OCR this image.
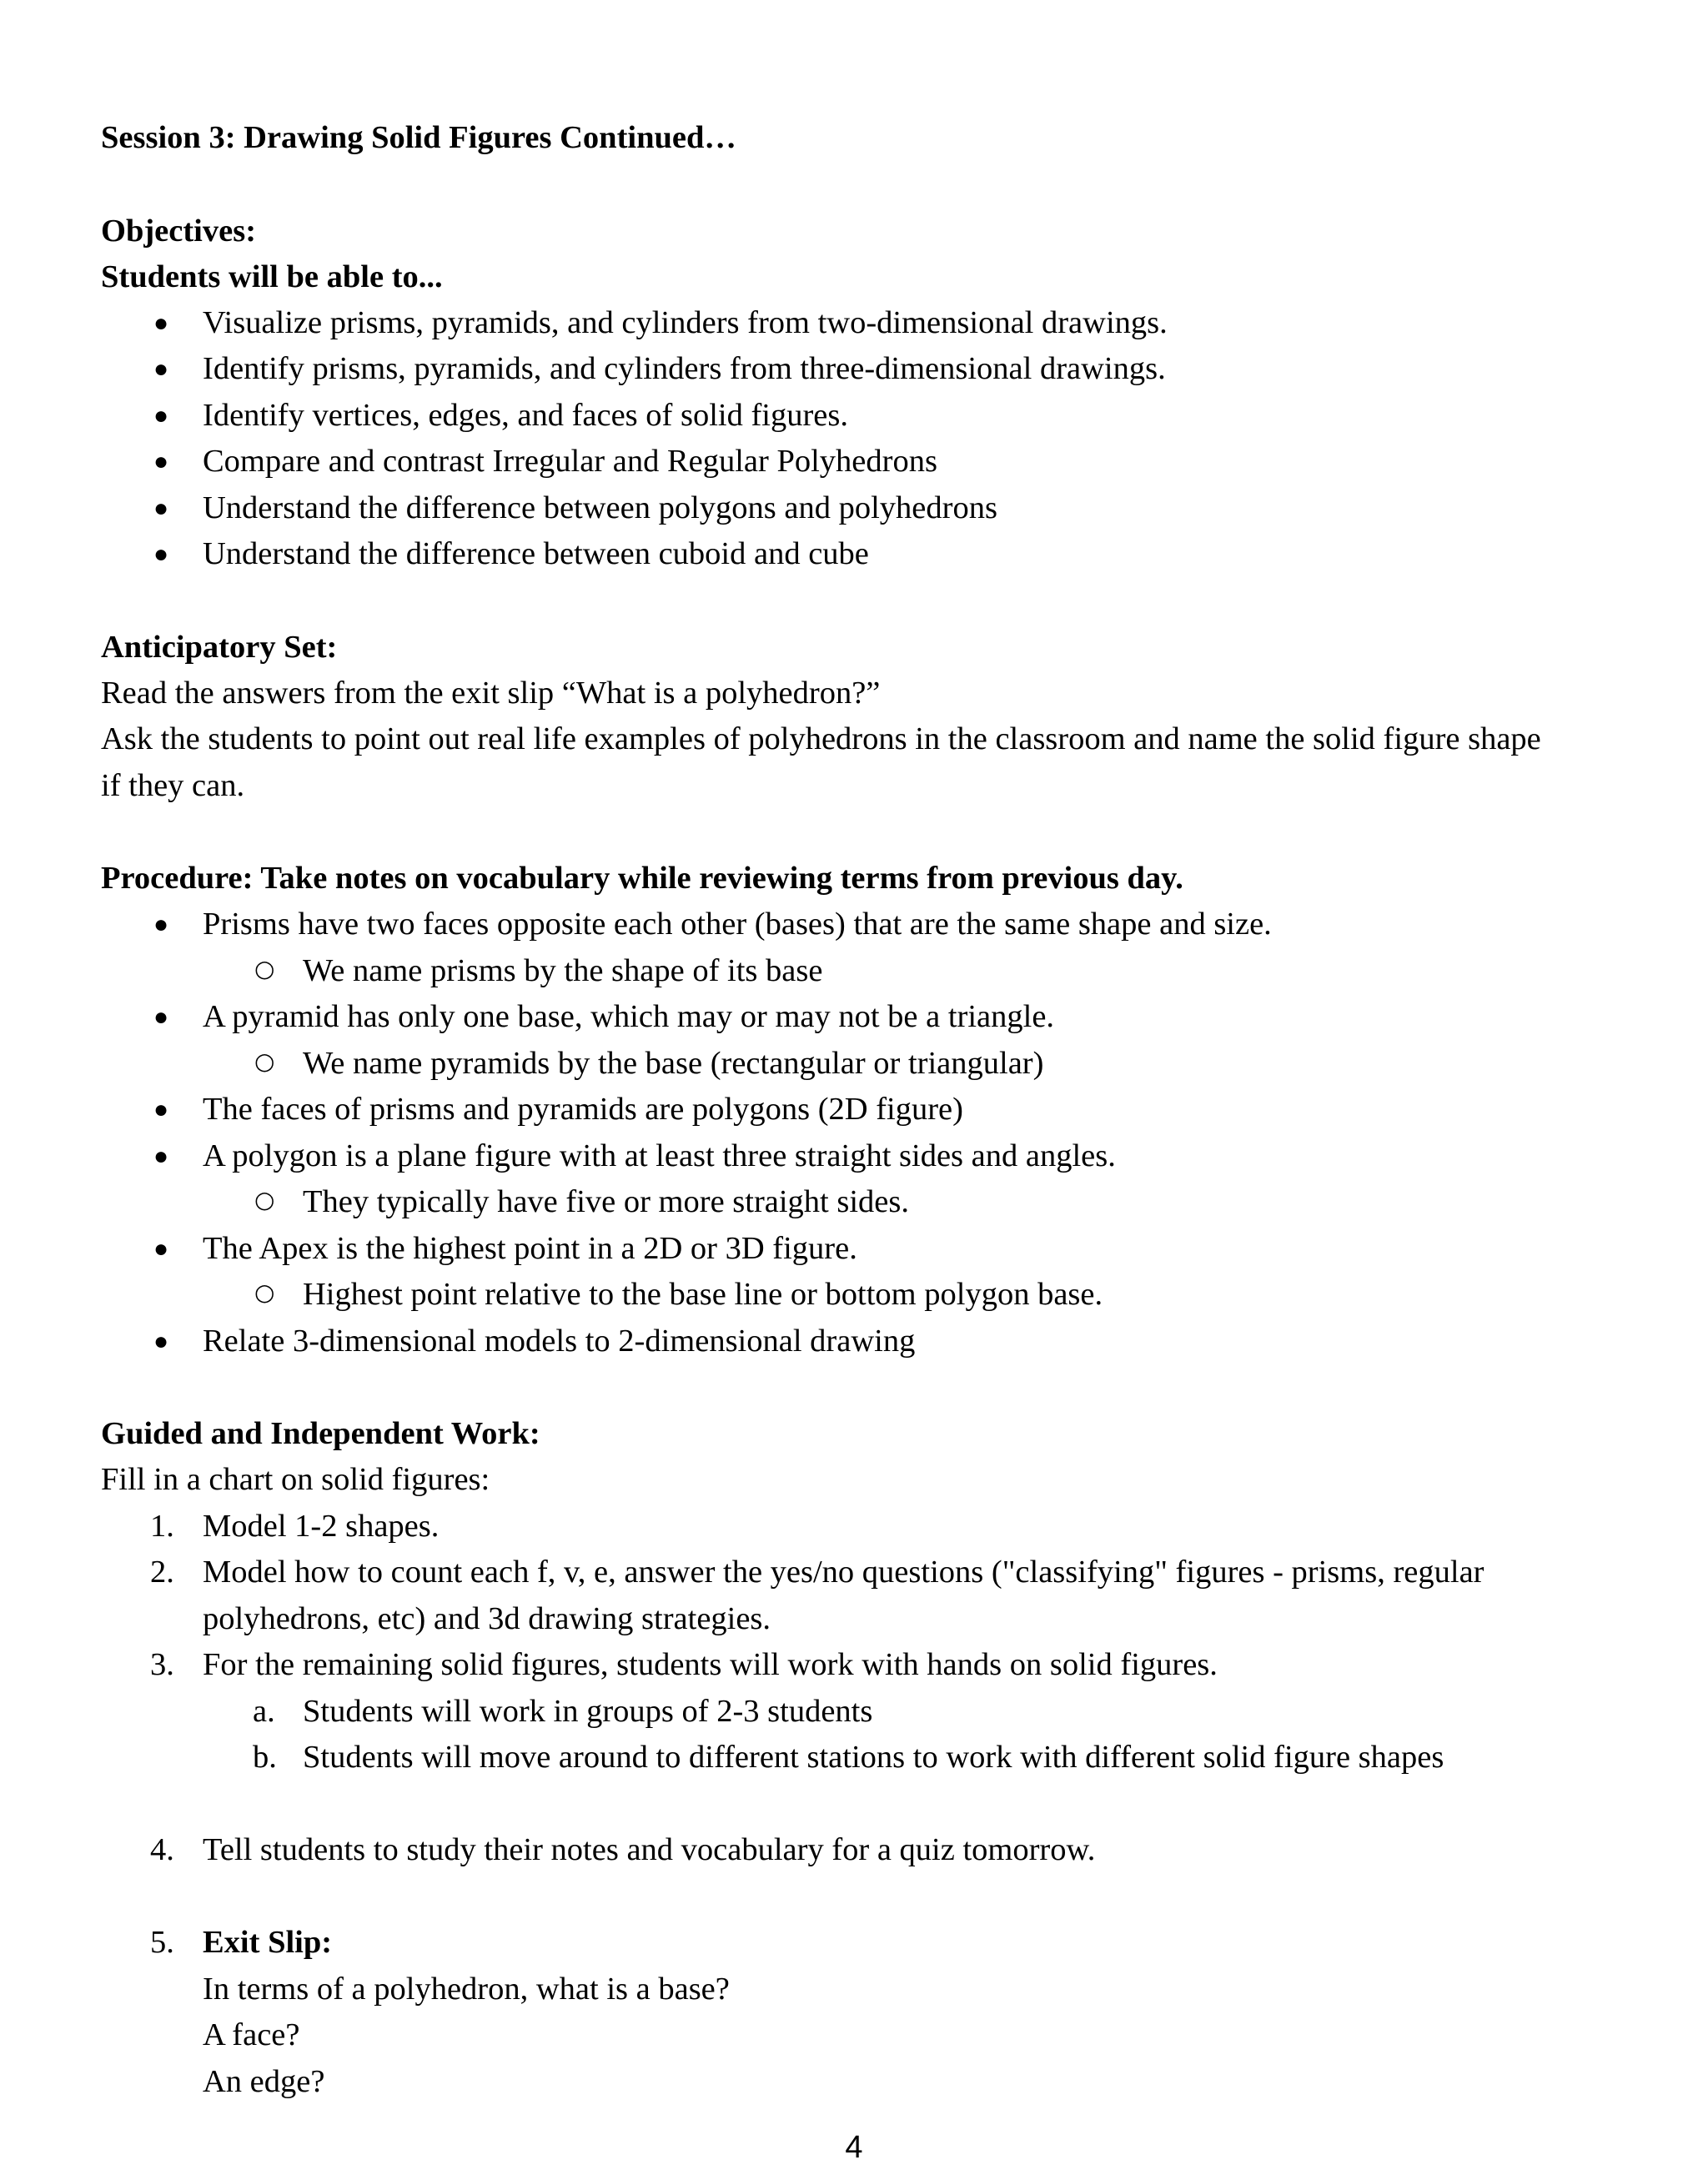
Session 3: Drawing Solid Figures Continued…
Objectives:
Students will be able to...
● Visualize prisms, pyramids, and cylinders from two-dimensional drawings.
● Identify prisms, pyramids, and cylinders from three-dimensional drawings.
● Identify vertices, edges, and faces of solid figures.
● Compare and contrast Irregular and Regular Polyhedrons
● Understand the difference between polygons and polyhedrons
● Understand the difference between cuboid and cube
Anticipatory Set:
Read the answers from the exit slip “What is a polyhedron?”
Ask the students to point out real life examples of polyhedrons in the classroom and name the solid figure shape
if they can.
Procedure: Take notes on vocabulary while reviewing terms from previous day.
● Prisms have two faces opposite each other (bases) that are the same shape and size.
○ We name prisms by the shape of its base
● A pyramid has only one base, which may or may not be a triangle.
○ We name pyramids by the base (rectangular or triangular)
● The faces of prisms and pyramids are polygons (2D figure)
● A polygon is a plane figure with at least three straight sides and angles.
○ They typically have five or more straight sides.
● The Apex is the highest point in a 2D or 3D figure.
○ Highest point relative to the base line or bottom polygon base.
● Relate 3-dimensional models to 2-dimensional drawing
Guided and Independent Work:
Fill in a chart on solid figures:
1. Model 1-2 shapes.
2. Model how to count each f, v, e, answer the yes/no questions ("classifying" figures - prisms, regular
polyhedrons, etc) and 3d drawing strategies.
3. For the remaining solid figures, students will work with hands on solid figures.
a. Students will work in groups of 2-3 students
b. Students will move around to different stations to work with different solid figure shapes
4. Tell students to study their notes and vocabulary for a quiz tomorrow.
5. Exit Slip:
In terms of a polyhedron, what is a base?
A face?
An edge?
4
